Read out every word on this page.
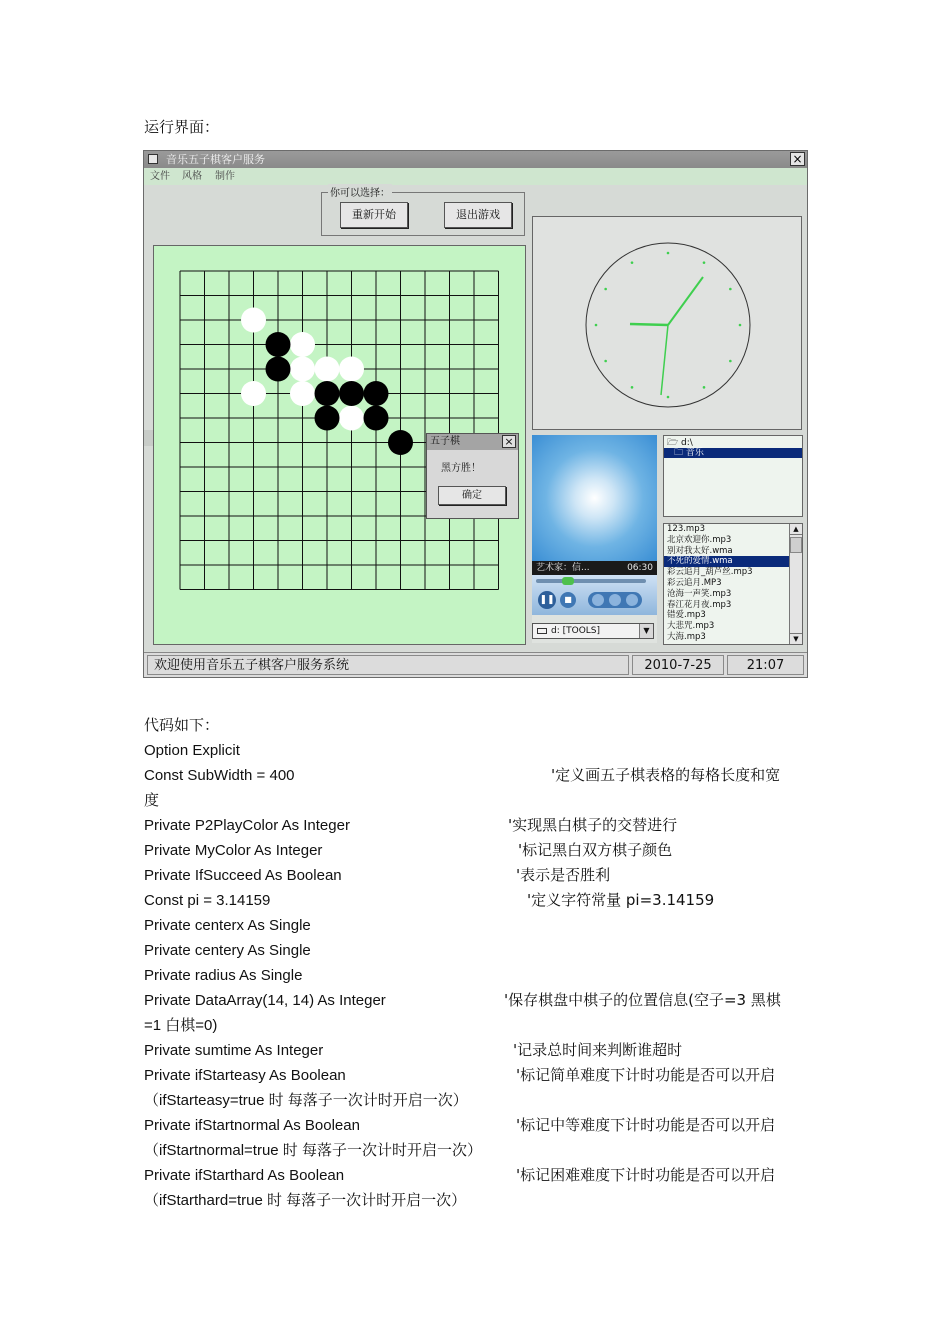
运行界面：
音乐五子棋客户服务	×
文件 风格 制作
你可以选择：
重新开始	退出游戏
艺术家：信...	06:30
❚❚	■
d: [TOOLS]	▼
🗁 d:\
🗀 音乐
123.mp3
北京欢迎你.mp3
别对我太好.wma
不死的爱情.wma
彩云追月_葫芦丝.mp3
彩云追月.MP3
沧海一声笑.mp3
春江花月夜.mp3
错爱.mp3
大悲咒.mp3
大海.mp3
▲
▼
欢迎使用音乐五子棋客户服务系统	2010-7-25	21:07
五子棋	×
黑方胜！
确定
代码如下：
Option Explicit
Const SubWidth = 400	'定义画五子棋表格的每格长度和宽
度
Private P2PlayColor As Integer	'实现黑白棋子的交替进行
Private MyColor As Integer	'标记黑白双方棋子颜色
Private IfSucceed As Boolean	'表示是否胜利
Const pi = 3.14159	'定义字符常量 pi=3.14159
Private centerx As Single
Private centery As Single
Private radius As Single
Private DataArray(14, 14) As Integer	'保存棋盘中棋子的位置信息(空子=3 黑棋
=1 白棋=0)
Private sumtime As Integer	'记录总时间来判断谁超时
Private ifStarteasy As Boolean	'标记简单难度下计时功能是否可以开启
（ifStarteasy=true 时 每落子一次计时开启一次）
Private ifStartnormal As Boolean	'标记中等难度下计时功能是否可以开启
（ifStartnormal=true 时 每落子一次计时开启一次）
Private ifStarthard As Boolean	'标记困难难度下计时功能是否可以开启
（ifStarthard=true 时 每落子一次计时开启一次）
